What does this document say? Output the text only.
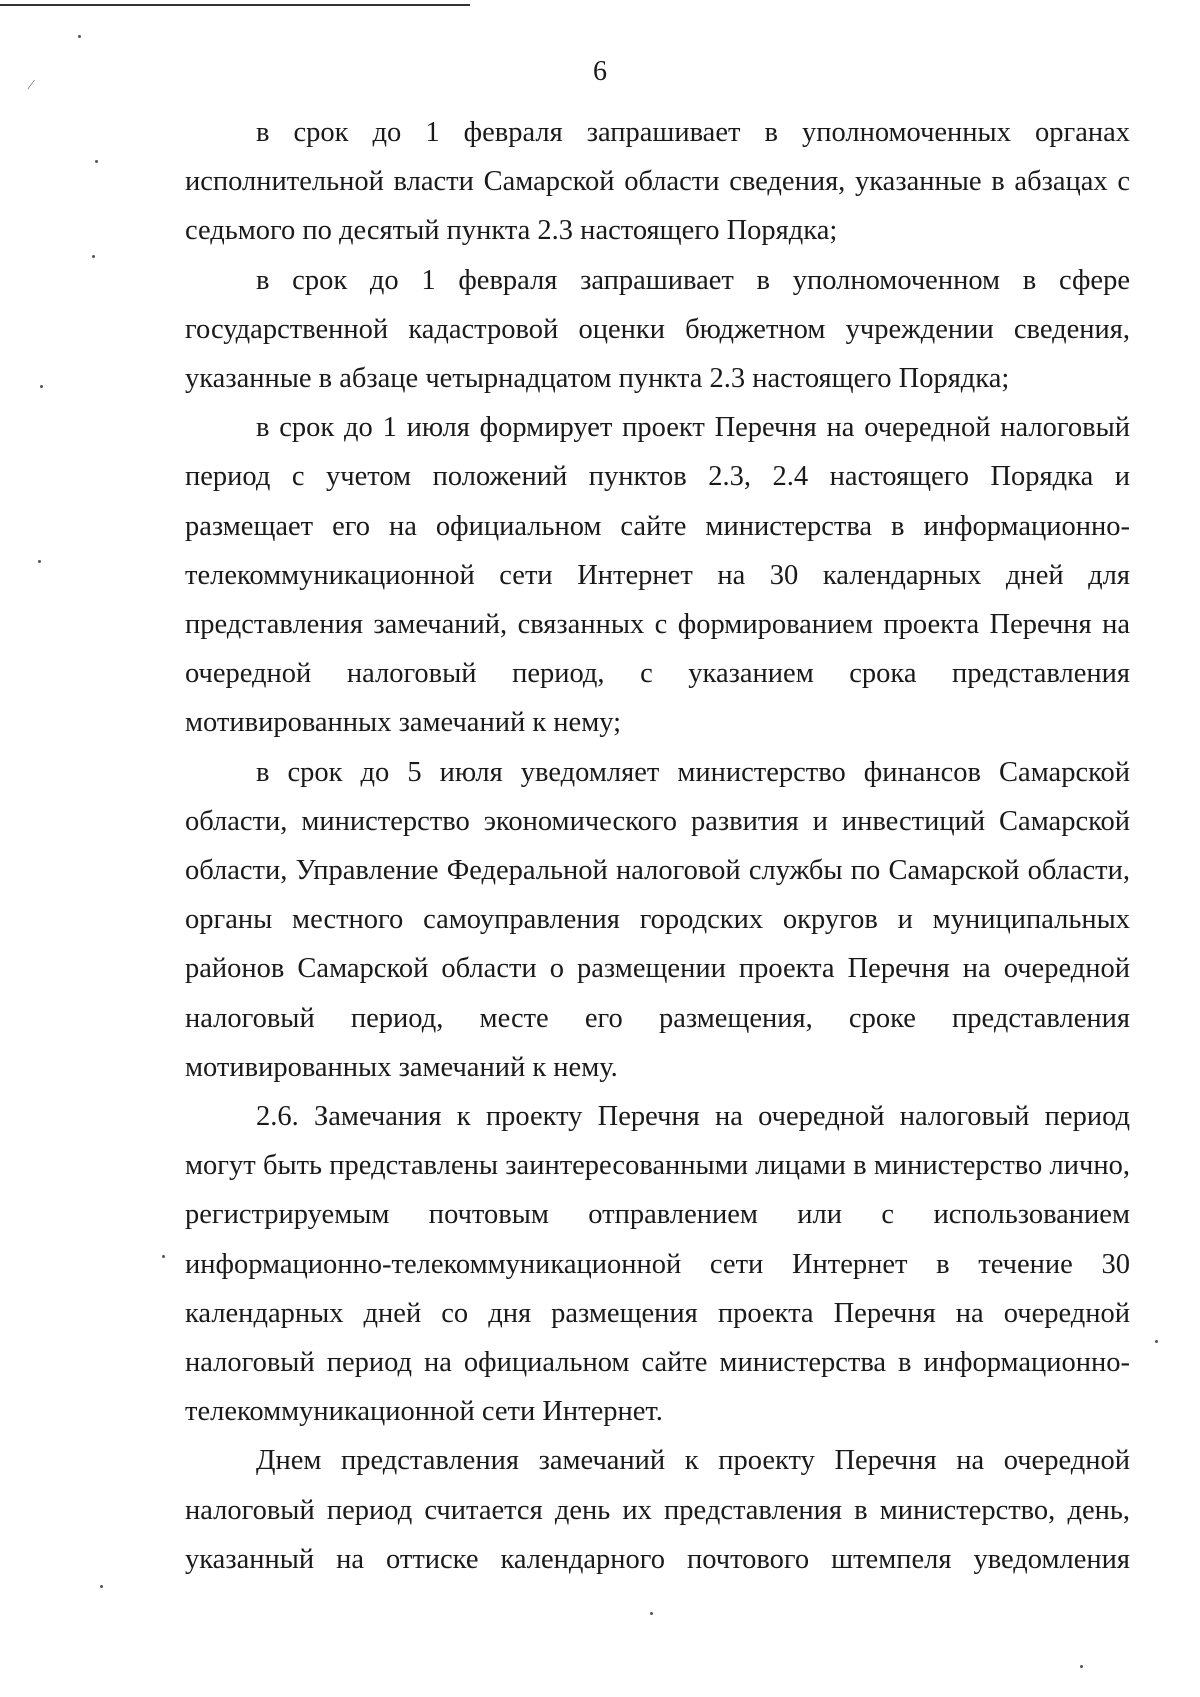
6

в срок до 1 февраля запрашивает в уполномоченных органах исполнительной власти Самарской области сведения, указанные в абзацах с седьмого по десятый пункта 2.3 настоящего Порядка;

в срок до 1 февраля запрашивает в уполномоченном в сфере государственной кадастровой оценки бюджетном учреждении сведения, указанные в абзаце четырнадцатом пункта 2.3 настоящего Порядка;

в срок до 1 июля формирует проект Перечня на очередной налоговый период с учетом положений пунктов 2.3, 2.4 настоящего Порядка и размещает его на официальном сайте министерства в информационно-телекоммуникационной сети Интернет на 30 календарных дней для представления замечаний, связанных с формированием проекта Перечня на очередной налоговый период, с указанием срока представления мотивированных замечаний к нему;

в срок до 5 июля уведомляет министерство финансов Самарской области, министерство экономического развития и инвестиций Самарской области, Управление Федеральной налоговой службы по Самарской области, органы местного самоуправления городских округов и муниципальных районов Самарской области о размещении проекта Перечня на очередной налоговый период, месте его размещения, сроке представления мотивированных замечаний к нему.

2.6. Замечания к проекту Перечня на очередной налоговый период могут быть представлены заинтересованными лицами в министерство лично, регистрируемым почтовым отправлением или с использованием информационно-телекоммуникационной сети Интернет в течение 30 календарных дней со дня размещения проекта Перечня на очередной налоговый период на официальном сайте министерства в информационно-телекоммуникационной сети Интернет.

Днем представления замечаний к проекту Перечня на очередной налоговый период считается день их представления в министерство, день, указанный на оттиске календарного почтового штемпеля уведомления

⁄
